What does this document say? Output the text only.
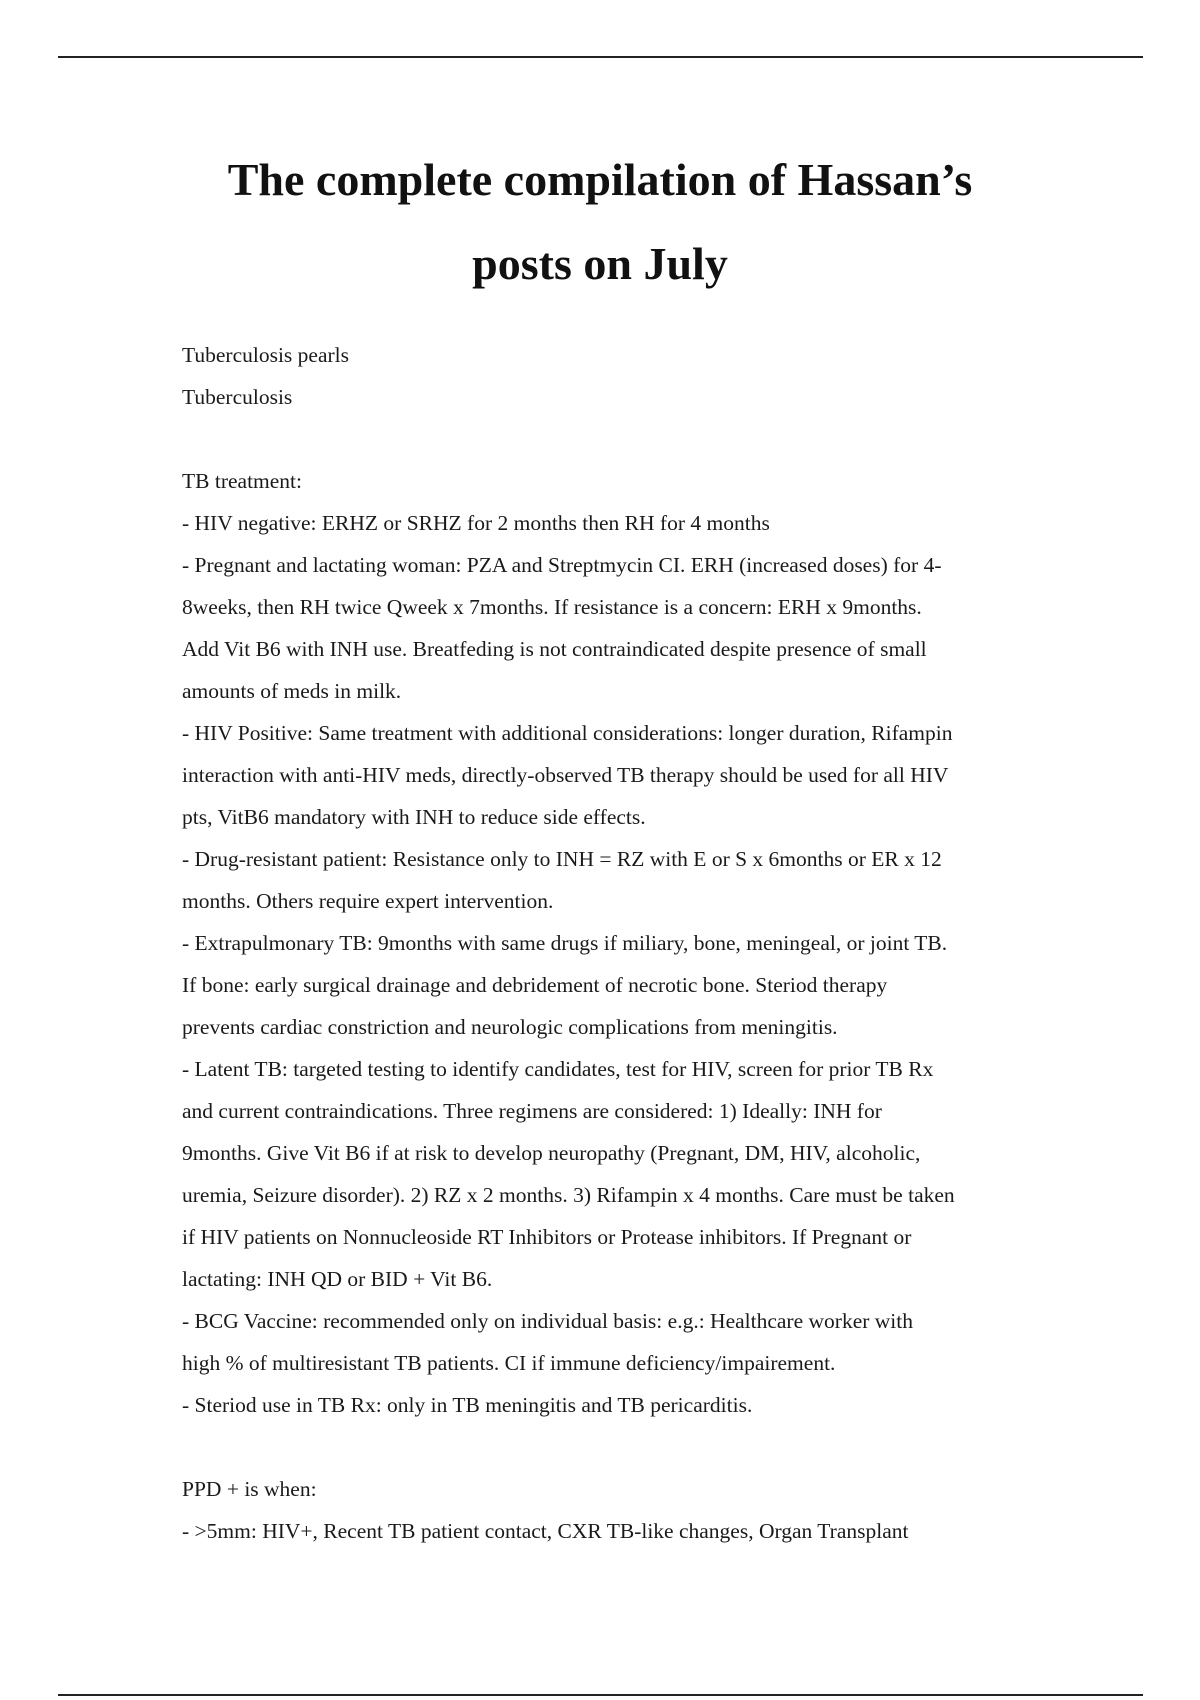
The complete compilation of Hassan’s
posts on July
Tuberculosis pearls
Tuberculosis
TB treatment:
- HIV negative: ERHZ or SRHZ for 2 months then RH for 4 months
- Pregnant and lactating woman: PZA and Streptmycin CI. ERH (increased doses) for 4-
8weeks, then RH twice Qweek x 7months. If resistance is a concern: ERH x 9months.
Add Vit B6 with INH use. Breatfeding is not contraindicated despite presence of small
amounts of meds in milk.
- HIV Positive: Same treatment with additional considerations: longer duration, Rifampin
interaction with anti-HIV meds, directly-observed TB therapy should be used for all HIV
pts, VitB6 mandatory with INH to reduce side effects.
- Drug-resistant patient: Resistance only to INH = RZ with E or S x 6months or ER x 12
months. Others require expert intervention.
- Extrapulmonary TB: 9months with same drugs if miliary, bone, meningeal, or joint TB.
If bone: early surgical drainage and debridement of necrotic bone. Steriod therapy
prevents cardiac constriction and neurologic complications from meningitis.
- Latent TB: targeted testing to identify candidates, test for HIV, screen for prior TB Rx
and current contraindications. Three regimens are considered: 1) Ideally: INH for
9months. Give Vit B6 if at risk to develop neuropathy (Pregnant, DM, HIV, alcoholic,
uremia, Seizure disorder). 2) RZ x 2 months. 3) Rifampin x 4 months. Care must be taken
if HIV patients on Nonnucleoside RT Inhibitors or Protease inhibitors. If Pregnant or
lactating: INH QD or BID + Vit B6.
- BCG Vaccine: recommended only on individual basis: e.g.: Healthcare worker with
high % of multiresistant TB patients. CI if immune deficiency/impairement.
- Steriod use in TB Rx: only in TB meningitis and TB pericarditis.
PPD + is when:
- >5mm: HIV+, Recent TB patient contact, CXR TB-like changes, Organ Transplant
